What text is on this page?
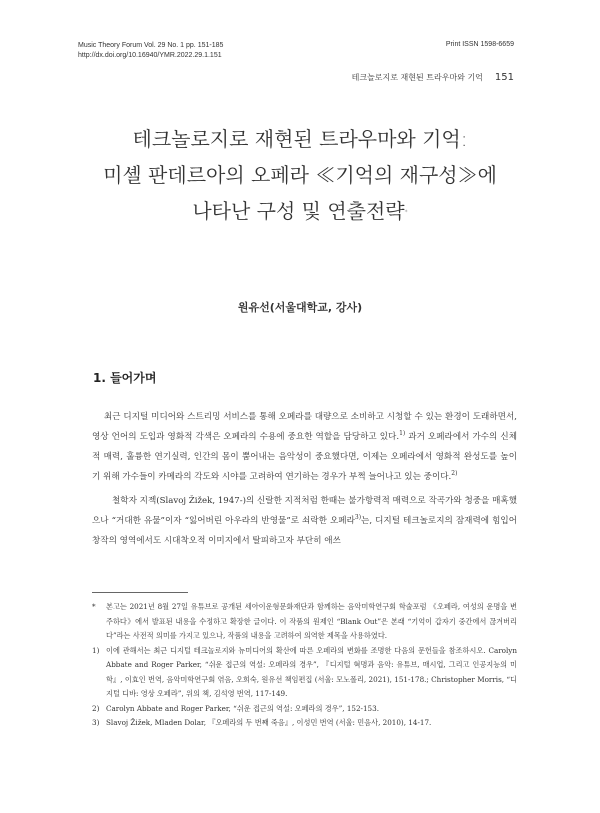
Music Theory Forum Vol. 29 No. 1 pp. 151-185
http://dx.doi.org/10.16940/YMR.2022.29.1.151
Print ISSN 1598-6659
테크놀로지로 재현된 트라우마와 기억 151
테크놀로지로 재현된 트라우마와 기억:
미셸 판데르아의 오페라 ≪기억의 재구성≫에
나타난 구성 및 연출전략*
원유선(서울대학교, 강사)
1. 들어가며

최근 디지털 미디어와 스트리밍 서비스를 통해 오페라를 대량으로 소비하고 시청할 수 있는 환경이 도래하면서, 영상 언어의 도입과 영화적 각색은 오페라의 수용에 중요한 역할을 담당하고 있다.$^{1)}$ 과거 오페라에서 가수의 신체적 매력, 훌륭한 연기실력, 인간의 몸이 뿜어내는 음악성이 중요했다면, 이제는 오페라에서 영화적 완성도를 높이기 위해 가수들이 카메라의 각도와 시야를 고려하여 연기하는 경우가 부쩍 늘어나고 있는 중이다.$^{2)}$

철학자 지젝(Slavoj Žižek, 1947-)의 신랄한 지적처럼 한때는 불가항력적 매력으로 작곡가와 청중을 매혹했으나 “거대한 유물”이자 “잃어버린 아우라의 반영물”로 쇠락한 오페라$^{3)}$는, 디지털 테크놀로지의 잠재력에 힘입어 창작의 영역에서도 시대착오적 이미지에서 탈피하고자 부단히 애쓰

* 본고는 2021년 8월 27일 유튜브로 공개된 세아이운형문화재단과 함께하는 음악미학연구회 학술포럼 《오페라, 여성의 운명을 변주하다》에서 발표된 내용을 수정하고 확장한 글이다. 이 작품의 원제인 “Blank Out”은 본래 “기억이 갑자기 중간에서 끊겨버리다”라는 사전적 의미를 가지고 있으나, 작품의 내용을 고려하여 의역한 제목을 사용하였다.
1) 이에 관해서는 최근 디지털 테크놀로지와 뉴미디어의 확산에 따른 오페라의 변화를 조명한 다음의 문헌들을 참조하시오. Carolyn Abbate and Roger Parker, “쉬운 접근의 역설: 오페라의 경우”, 『디지털 혁명과 음악: 유튜브, 매시업, 그리고 인공지능의 미학』, 이효인 번역, 음악미학연구회 엮음, 오희숙, 원유선 책임편집 (서울: 모노폴리, 2021), 151-178.; Christopher Morris, “디지털 디바: 영상 오페라”, 위의 책, 김석영 번역, 117-149.
2) Carolyn Abbate and Roger Parker, “쉬운 접근의 역설: 오페라의 경우”, 152-153.
3) Slavoj Žižek, Mladen Dolar, 『오페라의 두 번째 죽음』, 이성민 번역 (서울: 민음사, 2010), 14-17.
